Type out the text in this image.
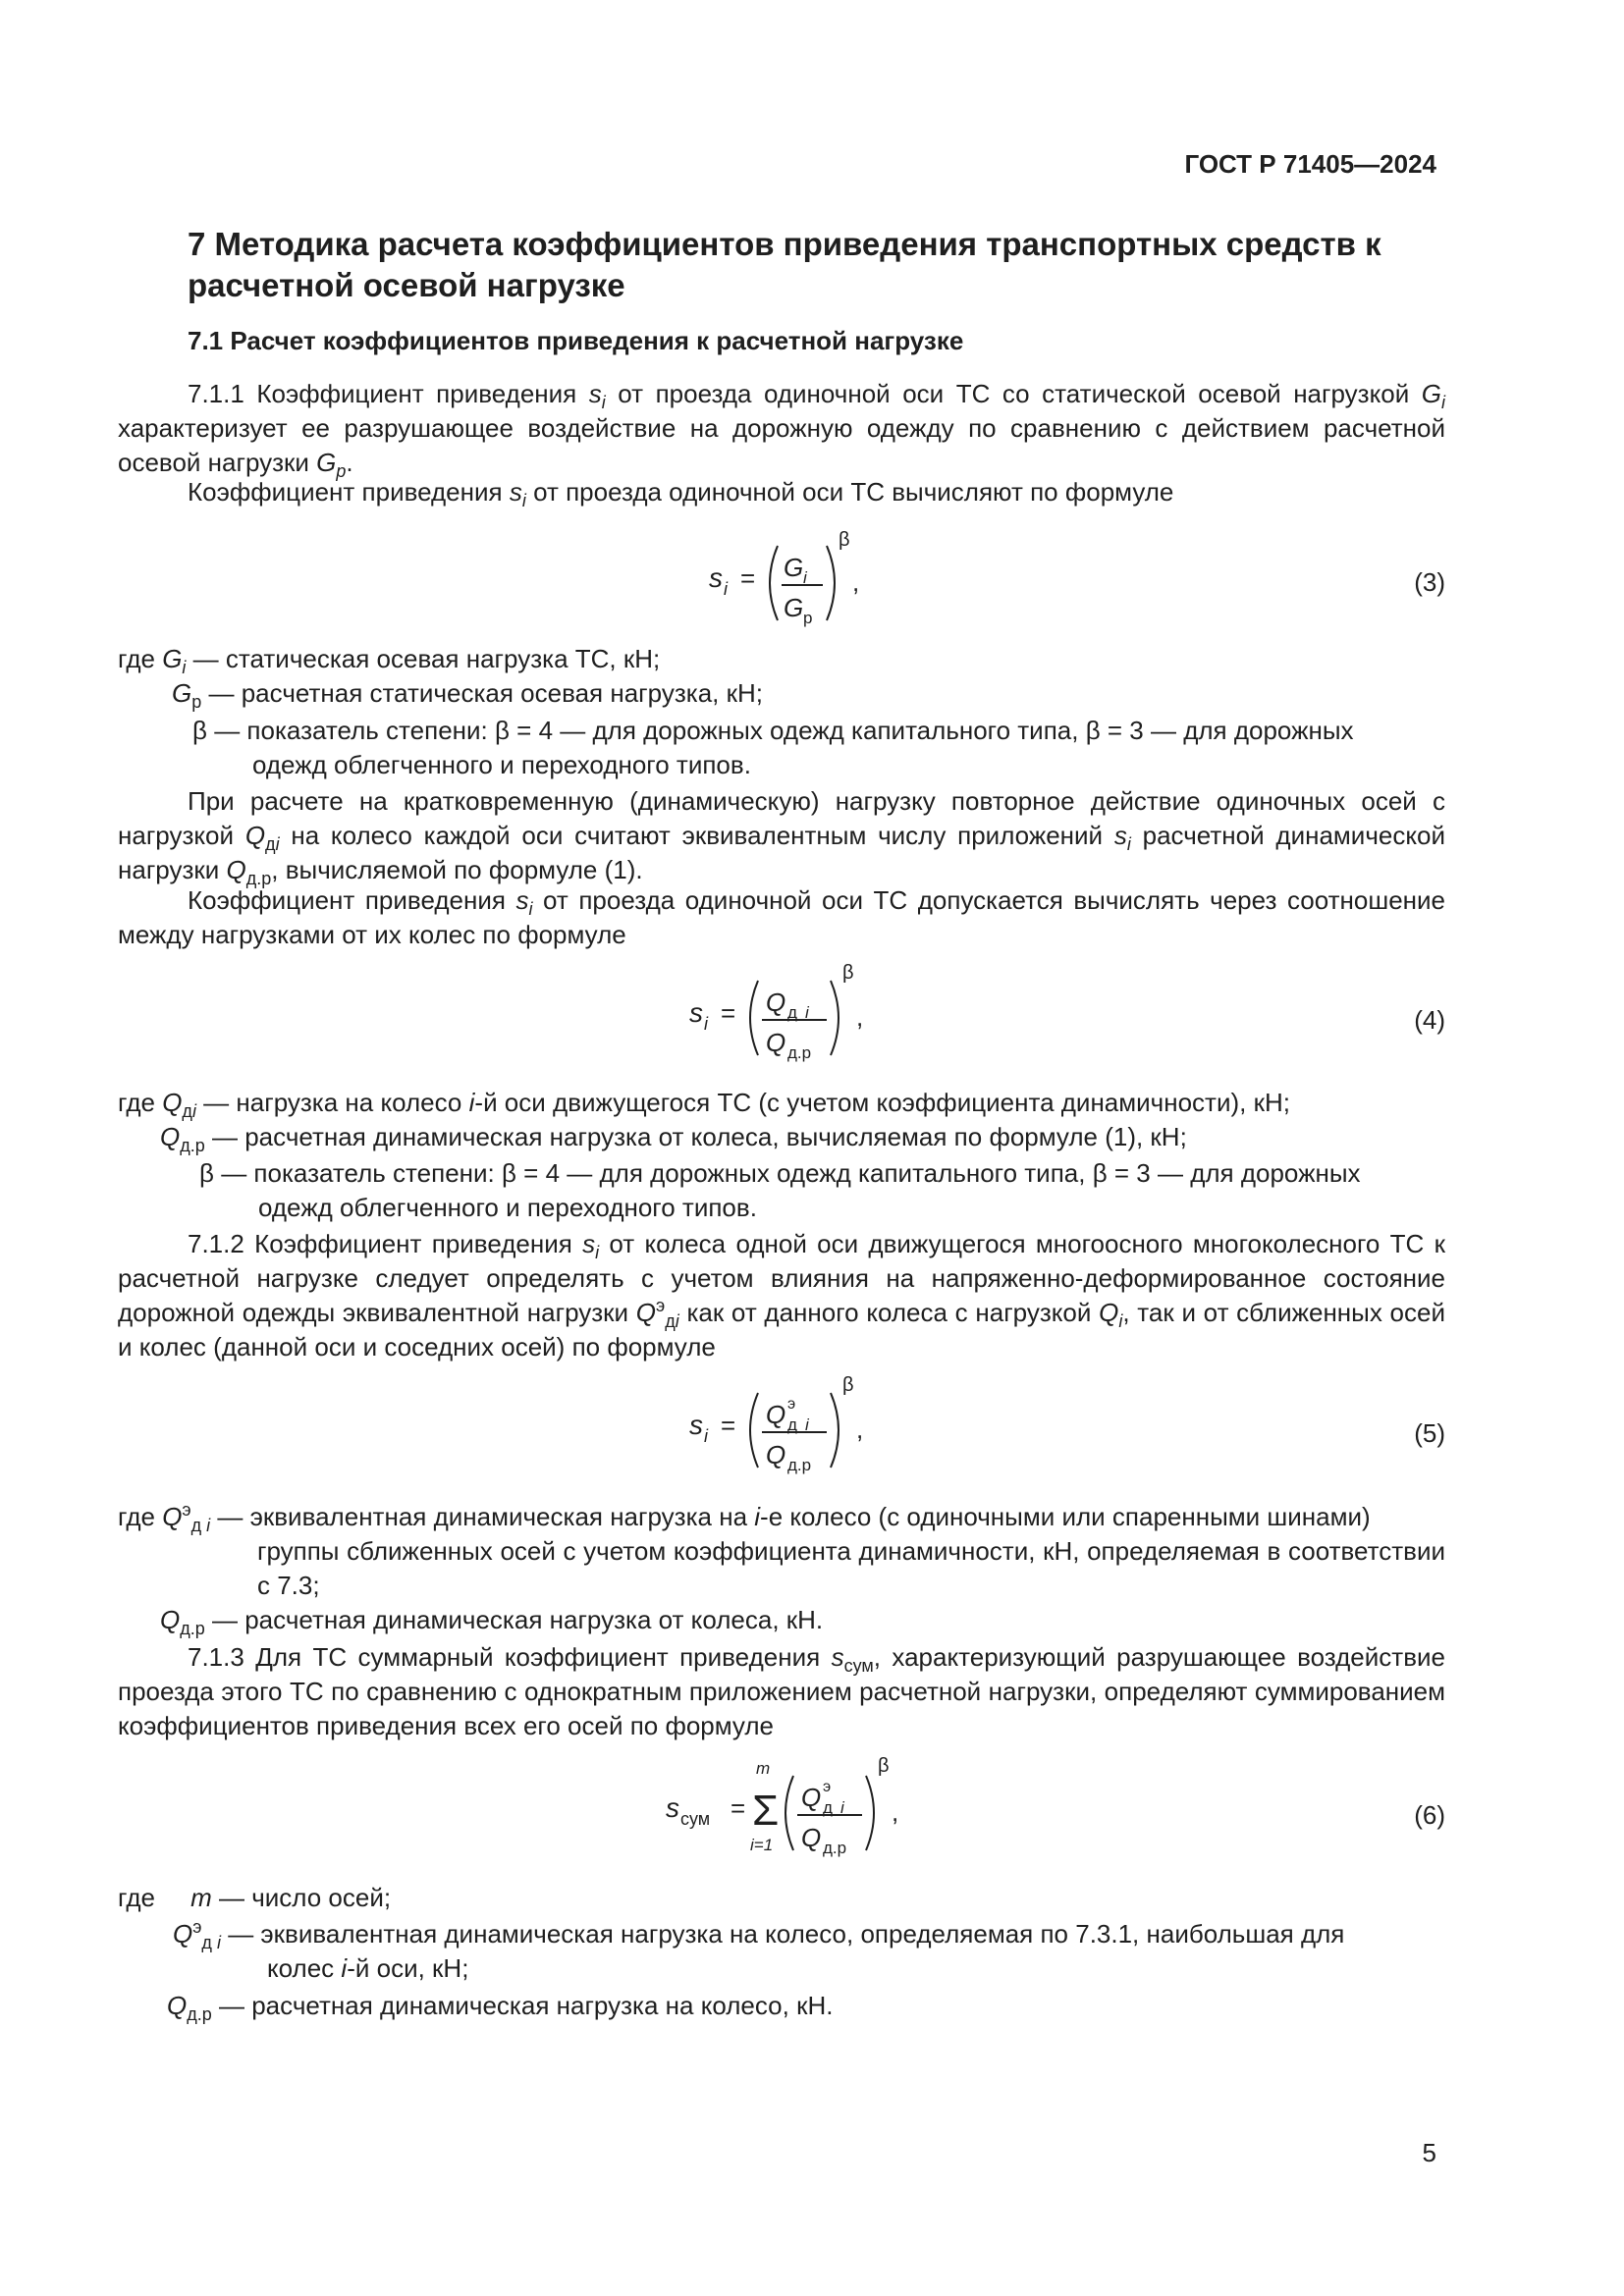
ГОСТ Р 71405—2024
7 Методика расчета коэффициентов приведения транспортных средств к расчетной осевой нагрузке
7.1 Расчет коэффициентов приведения к расчетной нагрузке
7.1.1 Коэффициент приведения $s_i$ от проезда одиночной оси ТС со статической осевой нагрузкой $G_i$ характеризует ее разрушающее воздействие на дорожную одежду по сравнению с действием расчетной осевой нагрузки $G_p$.
Коэффициент приведения $s_i$ от проезда одиночной оси ТС вычисляют по формуле
s i = G i
G р
β
,	(3)
где $G_i$ — статическая осевая нагрузка ТС, кН;
$G_р$ — расчетная статическая осевая нагрузка, кН;
β — показатель степени: β = 4 — для дорожных одежд капитального типа, β = 3 — для дорожных
одежд облегченного и переходного типов.
При расчете на кратковременную (динамическую) нагрузку повторное действие одиночных осей с нагрузкой $Q_{дi}$ на колесо каждой оси считают эквивалентным числу приложений $s_i$ расчетной динамической нагрузки $Q_{д.р}$, вычисляемой по формуле (1).
Коэффициент приведения $s_i$ от проезда одиночной оси ТС допускается вычислять через соотношение между нагрузками от их колес по формуле
s i = Q д i
Q д.р
β
,	(4)
где $Q_{дi}$ — нагрузка на колесо i-й оси движущегося ТС (с учетом коэффициента динамичности), кН;
$Q_{д.р}$ — расчетная динамическая нагрузка от колеса, вычисляемая по формуле (1), кН;
β — показатель степени: β = 4 — для дорожных одежд капитального типа, β = 3 — для дорожных
одежд облегченного и переходного типов.
7.1.2 Коэффициент приведения $s_i$ от колеса одной оси движущегося многоосного многоколесного ТС к расчетной нагрузке следует определять с учетом влияния на напряженно-деформированное состояние дорожной одежды эквивалентной нагрузки $Q^э_{дi}$ как от данного колеса с нагрузкой $Q_i$, так и от сближенных осей и колес (данной оси и соседних осей) по формуле
s i = Q э
д i
Q д.р
β
,	(5)
где $Q^э_{д i}$ — эквивалентная динамическая нагрузка на i-е колесо (с одиночными или спаренными шинами)
группы сближенных осей с учетом коэффициента динамичности, кН, определяемая в соответствии с 7.3;
$Q_{д.р}$ — расчетная динамическая нагрузка от колеса, кН.
7.1.3 Для ТС суммарный коэффициент приведения $s_{сум}$, характеризующий разрушающее воздействие проезда этого ТС по сравнению с однократным приложением расчетной нагрузки, определяют суммированием коэффициентов приведения всех его осей по формуле
s сум =
m
Σ
i=1
Q э
д i
Q д.р
β
,	(6)
где m — число осей;
$Q^э_{д i}$ — эквивалентная динамическая нагрузка на колесо, определяемая по 7.3.1, наибольшая для
колес i-й оси, кН;
$Q_{д.р}$ — расчетная динамическая нагрузка на колесо, кН.
5
